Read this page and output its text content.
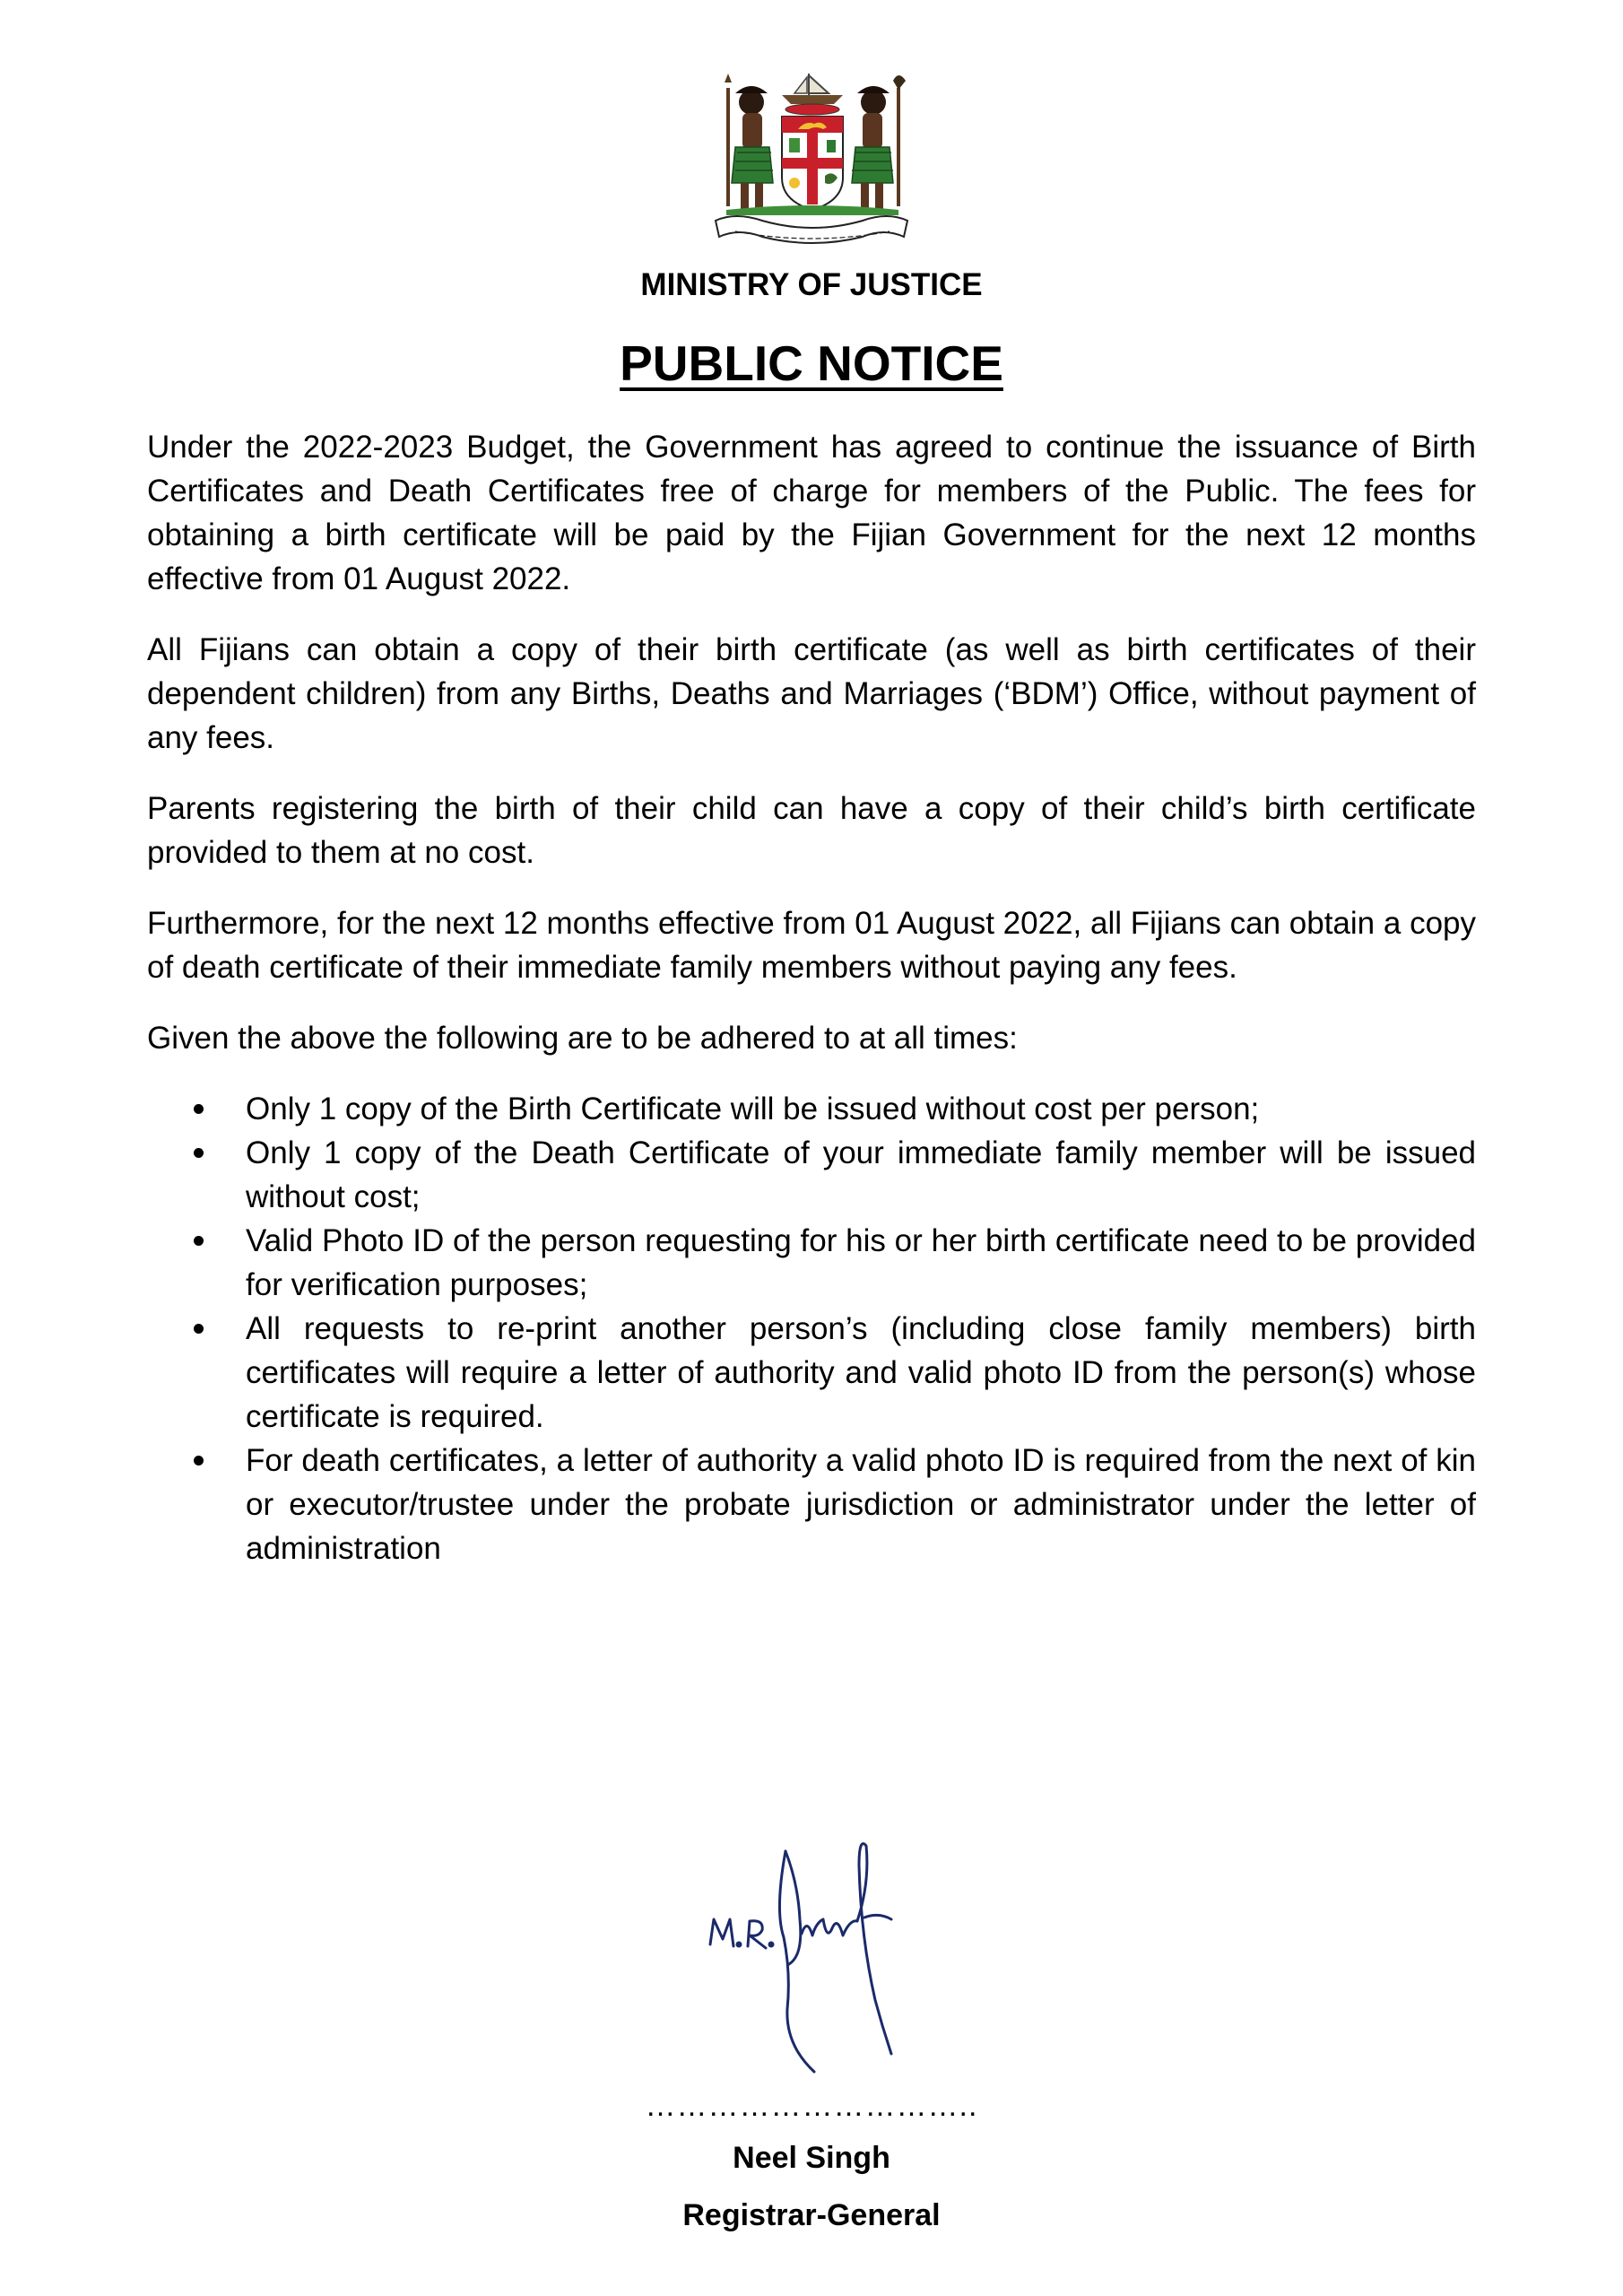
MINISTRY OF JUSTICE
PUBLIC NOTICE

Under the 2022-2023 Budget, the Government has agreed to continue the issuance of Birth Certificates and Death Certificates free of charge for members of the Public. The fees for obtaining a birth certificate will be paid by the Fijian Government for the next 12 months effective from 01 August 2022.

All Fijians can obtain a copy of their birth certificate (as well as birth certificates of their dependent children) from any Births, Deaths and Marriages (‘BDM’) Office, without payment of any fees.

Parents registering the birth of their child can have a copy of their child’s birth certificate provided to them at no cost.

Furthermore, for the next 12 months effective from 01 August 2022, all Fijians can obtain a copy of death certificate of their immediate family members without paying any fees.

Given the above the following are to be adhered to at all times:

Only 1 copy of the Birth Certificate will be issued without cost per person;
Only 1 copy of the Death Certificate of your immediate family member will be issued without cost;
Valid Photo ID of the person requesting for his or her birth certificate need to be provided for verification purposes;
All requests to re-print another person’s (including close family members) birth certificates will require a letter of authority and valid photo ID from the person(s) whose certificate is required.
For death certificates, a letter of authority a valid photo ID is required from the next of kin or executor/trustee under the probate jurisdiction or administrator under the letter of administration
…………………………..
Neel Singh
Registrar-General
